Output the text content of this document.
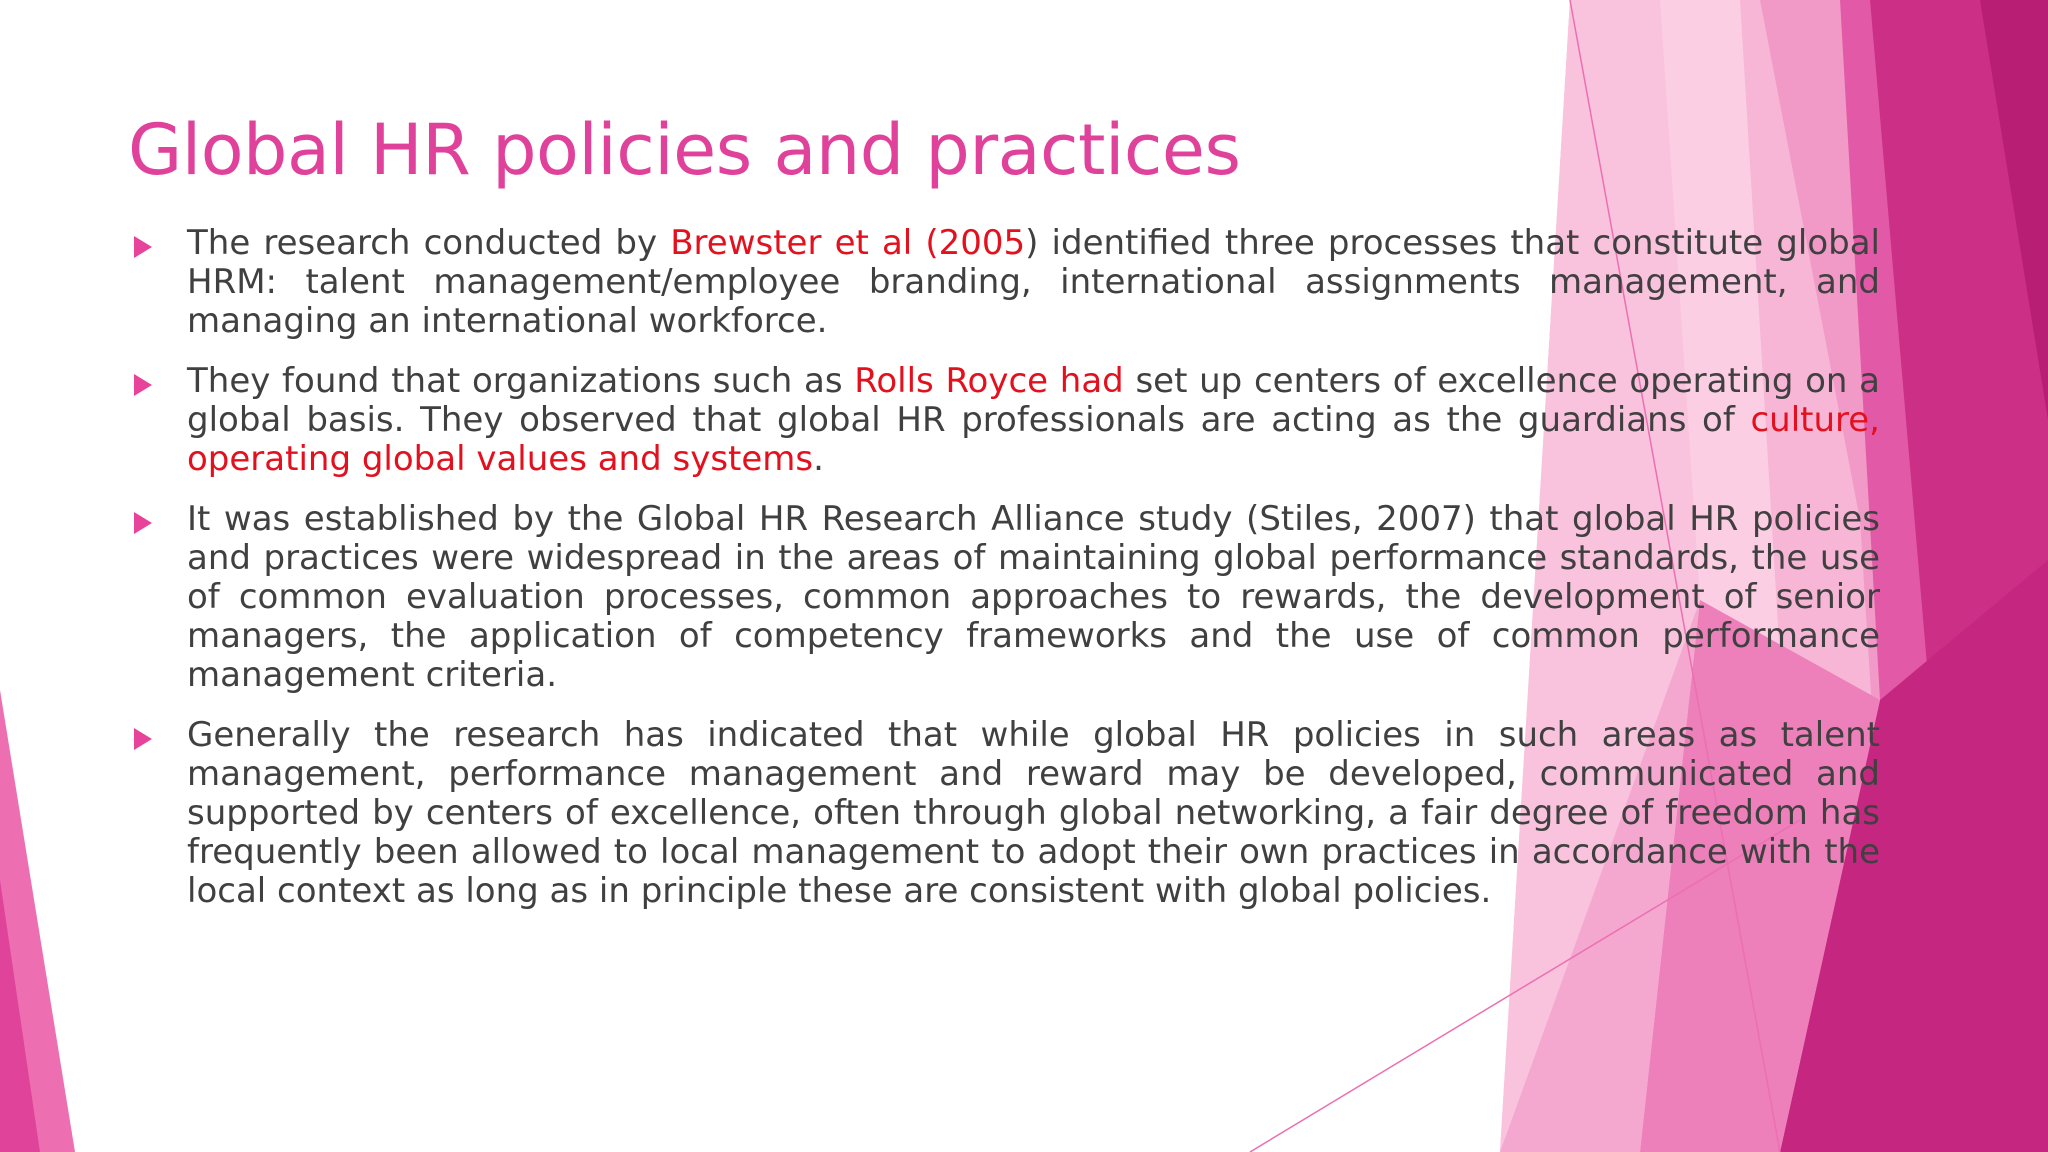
Global HR policies and practices
The research conducted by Brewster et al (2005) identified three processes that constitute global HRM: talent management/employee branding, international assignments management, and managing an international workforce.
They found that organizations such as Rolls Royce had set up centers of excellence operating on a global basis. They observed that global HR professionals are acting as the guardians of culture, operating global values and systems.
It was established by the Global HR Research Alliance study (Stiles, 2007) that global HR policies and practices were widespread in the areas of maintaining global performance standards, the use of common evaluation processes, common approaches to rewards, the development of senior managers, the application of competency frameworks and the use of common performance management criteria.
Generally the research has indicated that while global HR policies in such areas as talent management, performance management and reward may be developed, communicated and supported by centers of excellence, often through global networking, a fair degree of freedom has frequently been allowed to local management to adopt their own practices in accordance with the local context as long as in principle these are consistent with global policies.
